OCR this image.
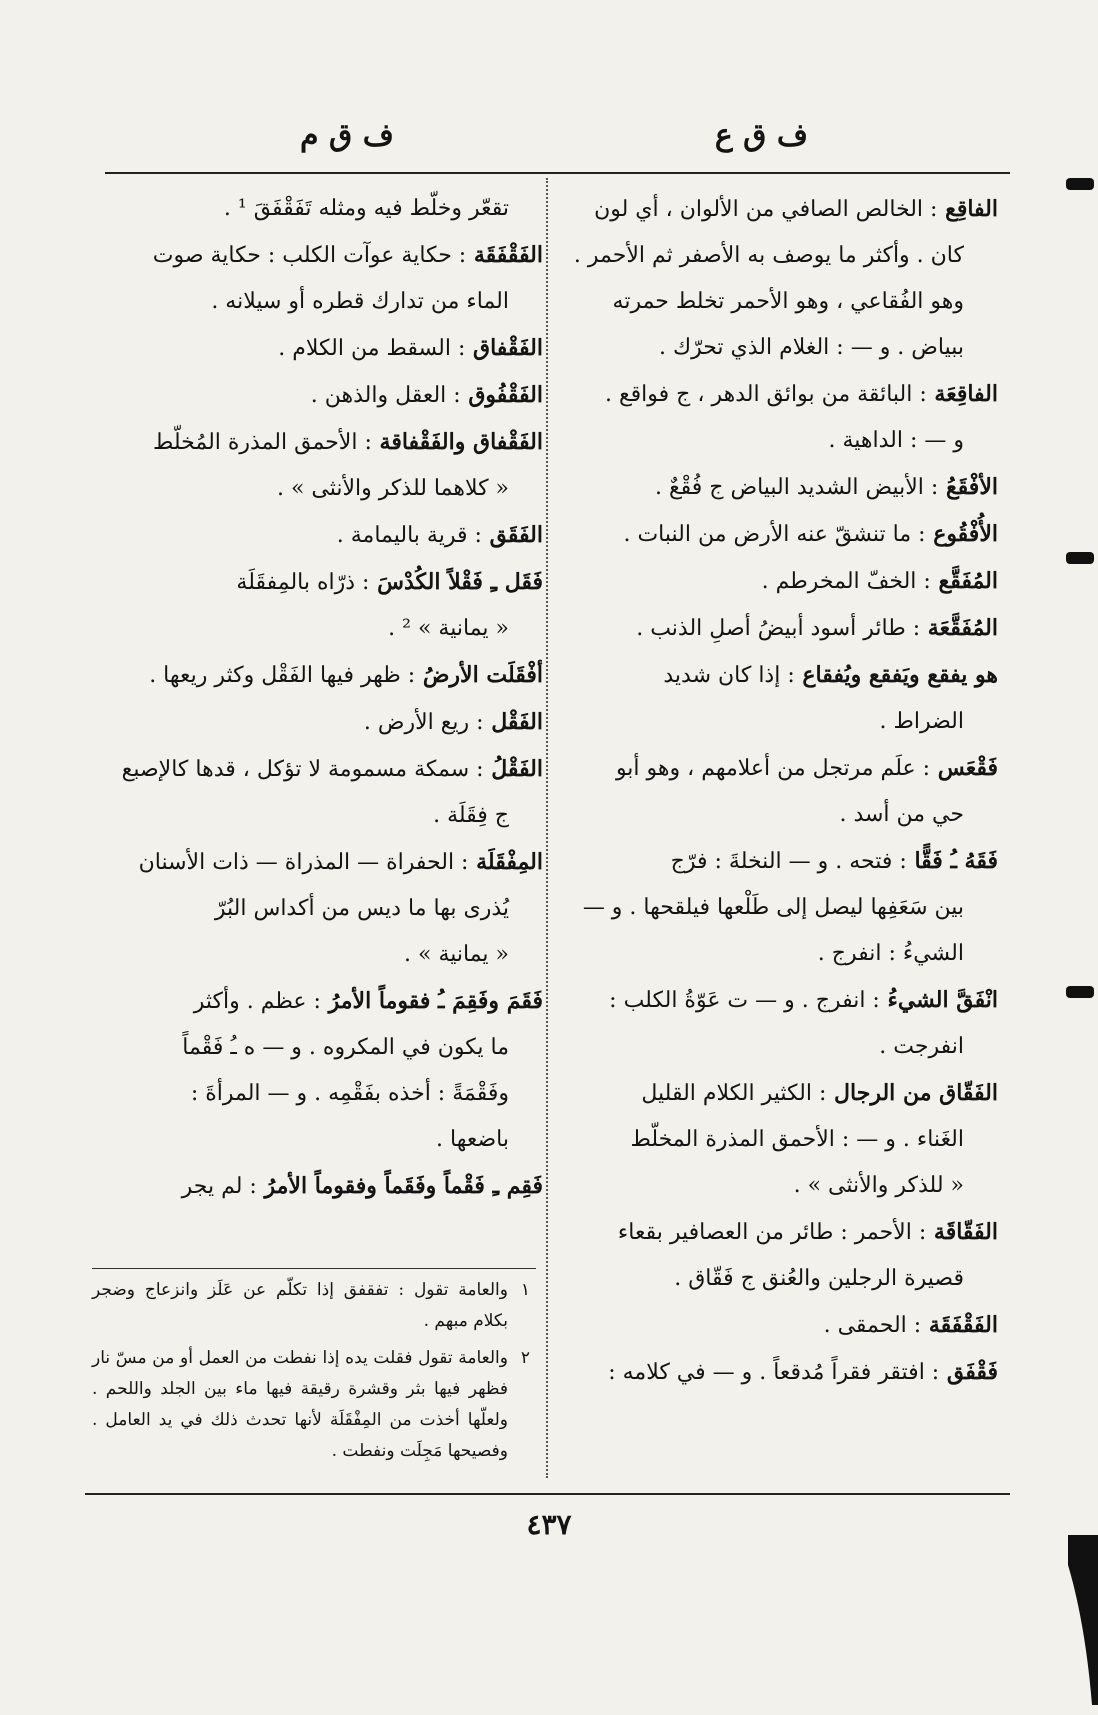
ف ق ع
ف ق م

الفاقِع : الخالص الصافي من الألوان ، أي لون

كان . وأكثر ما يوصف به الأصفر ثم الأحمر .

وهو الفُقاعي ، وهو الأحمر تخلط حمرته

ببياض . و — : الغلام الذي تحرّك .

الفاقِعَة : البائقة من بوائق الدهر ، ج فواقع .

و — : الداهية .

الأفْقَعُ : الأبيض الشديد البياض ج فُقْعٌ .

الأُفْقُوع : ما تنشقّ عنه الأرض من النبات .

المُفَقَّع : الخفّ المخرطم .

المُفَقَّعَة : طائر أسود أبيضُ أصلِ الذنب .

هو يفقع ويَفقع ويُفقاع : إذا كان شديد

الضراط .

فَقْعَس : علَم مرتجل من أعلامهم ، وهو أبو

حي من أسد .

فَقَهُ ـُ فَقًّا : فتحه . و — النخلةَ : فرّج

بين سَعَفِها ليصل إلى طَلْعها فيلقحها . و —

الشيءُ : انفرج .

انْفَقَّ الشيءُ : انفرج . و — ت عَوّةُ الكلب :

انفرجت .

الفَقّاق من الرجال : الكثير الكلام القليل

الغَناء . و — : الأحمق المذرة المخلّط

« للذكر والأنثى » .

الفَقّاقَة : الأحمر : طائر من العصافير بقعاء

قصيرة الرجلين والعُنق ج فَقّاق .

الفَقْفَقَة : الحمقى .

فَقْفَق : افتقر فقراً مُدقعاً . و — في كلامه :

تقعّر وخلّط فيه ومثله تَفَقْفَقَ ¹ .

الفَقْفَقَة : حكاية عوآت الكلب : حكاية صوت

الماء من تدارك قطره أو سيلانه .

الفَقْفاق : السقط من الكلام .

الفَقْفُوق : العقل والذهن .

الفَقْفاق والفَقْفاقة : الأحمق المذرة المُخلّط

« كلاهما للذكر والأنثى » .

الفَقَق : قرية باليمامة .

فَقَل ـِ فَقْلاً الكُدْسَ : ذرّاه بالمِفقَلَة

« يمانية » ² .

أفْقَلَت الأرضُ : ظهر فيها الفَقْل وكثر ريعها .

الفَقْل : ريع الأرض .

الفَقْلُ : سمكة مسمومة لا تؤكل ، قدها كالإصبع

ج فِقَلَة .

المِفْقَلَة : الحفراة — المذراة — ذات الأسنان

يُذرى بها ما ديس من أكداس البُرّ

« يمانية » .

فَقَمَ وفَقِمَ ـُ فقوماً الأمرُ : عظم . وأكثر

ما يكون في المكروه . و — ه ـُ فَقْماً

وفَقْمَةً : أخذه بفَقْمِه . و — المرأةَ :

باضعها .

فَقِم ـِ فَقْماً وفَقَماً وفقوماً الأمرُ : لم يجر

١
والعامة تقول : تفقفق إذا تكلّم عن عَلَز وانزعاج وضجر بكلام مبهم .
٢
والعامة تقول فقلت يده إذا نفطت من العمل أو من مسّ نار فظهر فيها بثر وقشرة رقيقة فيها ماء بين الجلد واللحم . ولعلّها أخذت من المِفْقَلَة لأنها تحدث ذلك في يد العامل . وفصيحها مَجِلَت ونفطت .
٤٣٧
